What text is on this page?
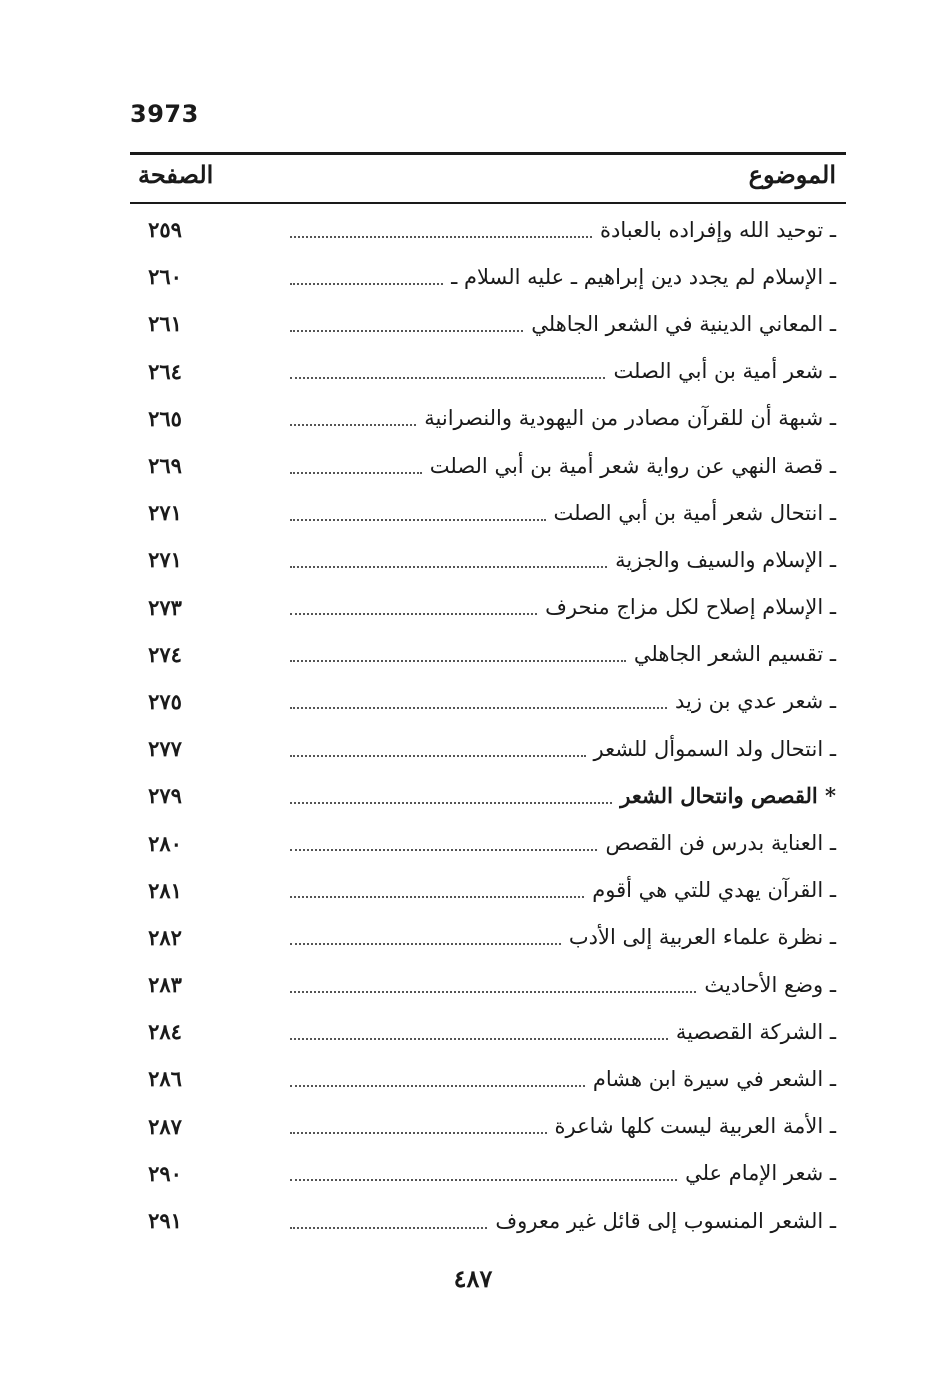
3973
الموضوع
الصفحة
ـ توحيد الله وإفراده بالعبادة
٢٥٩
ـ الإسلام لم يجدد دين إبراهيم ـ عليه السلام ـ
٢٦٠
ـ المعاني الدينية في الشعر الجاهلي
٢٦١
ـ شعر أمية بن أبي الصلت
٢٦٤
ـ شبهة أن للقرآن مصادر من اليهودية والنصرانية
٢٦٥
ـ قصة النهي عن رواية شعر أمية بن أبي الصلت
٢٦٩
ـ انتحال شعر أمية بن أبي الصلت
٢٧١
ـ الإسلام والسيف والجزية
٢٧١
ـ الإسلام إصلاح لكل مزاج منحرف
٢٧٣
ـ تقسيم الشعر الجاهلي
٢٧٤
ـ شعر عدي بن زيد
٢٧٥
ـ انتحال ولد السموأل للشعر
٢٧٧
* القصص وانتحال الشعر
٢٧٩
ـ العناية بدرس فن القصص
٢٨٠
ـ القرآن يهدي للتي هي أقوم
٢٨١
ـ نظرة علماء العربية إلى الأدب
٢٨٢
ـ وضع الأحاديث
٢٨٣
ـ الشركة القصصية
٢٨٤
ـ الشعر في سيرة ابن هشام
٢٨٦
ـ الأمة العربية ليست كلها شاعرة
٢٨٧
ـ شعر الإمام علي
٢٩٠
ـ الشعر المنسوب إلى قائل غير معروف
٢٩١
٤٨٧
